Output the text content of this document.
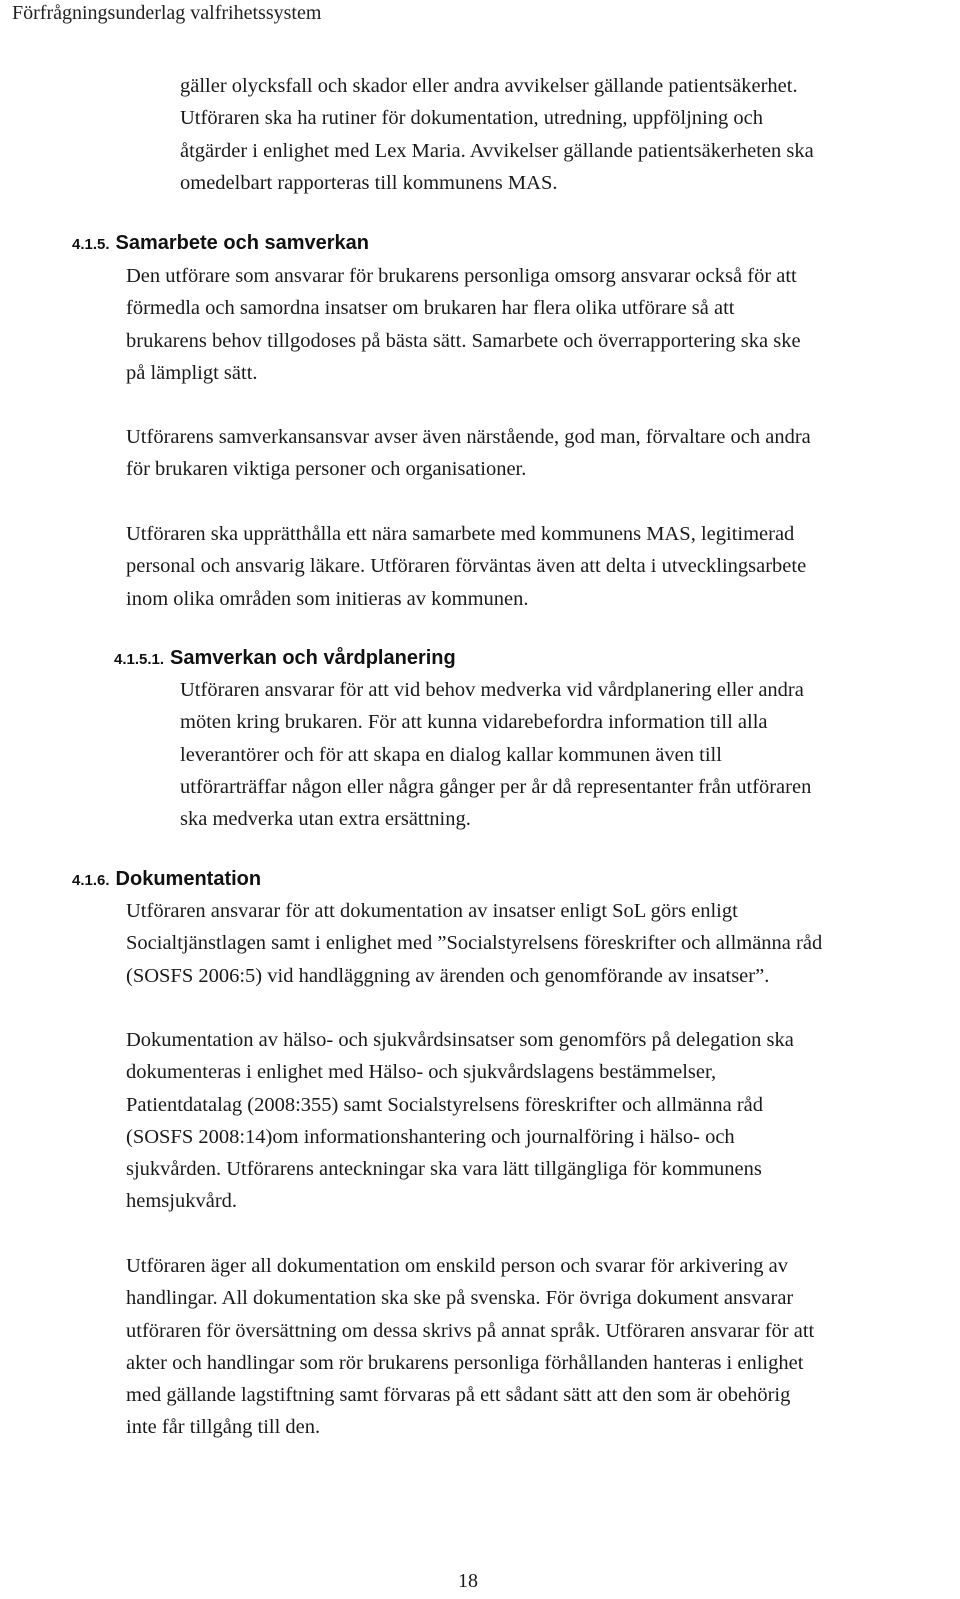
Förfrågningsunderlag valfrihetssystem

gäller olycksfall och skador eller andra avvikelser gällande patientsäkerhet.

Utföraren ska ha rutiner för dokumentation, utredning, uppföljning och

åtgärder i enlighet med Lex Maria. Avvikelser gällande patientsäkerheten ska

omedelbart rapporteras till kommunens MAS.

4.1.5. Samarbete och samverkan

Den utförare som ansvarar för brukarens personliga omsorg ansvarar också för att

förmedla och samordna insatser om brukaren har flera olika utförare så att

brukarens behov tillgodoses på bästa sätt. Samarbete och överrapportering ska ske

på lämpligt sätt.

Utförarens samverkansansvar avser även närstående, god man, förvaltare och andra

för brukaren viktiga personer och organisationer.

Utföraren ska upprätthålla ett nära samarbete med kommunens MAS, legitimerad

personal och ansvarig läkare. Utföraren förväntas även att delta i utvecklingsarbete

inom olika områden som initieras av kommunen.

4.1.5.1. Samverkan och vårdplanering

Utföraren ansvarar för att vid behov medverka vid vårdplanering eller andra

möten kring brukaren. För att kunna vidarebefordra information till alla

leverantörer och för att skapa en dialog kallar kommunen även till

utförarträffar någon eller några gånger per år då representanter från utföraren

ska medverka utan extra ersättning.

4.1.6. Dokumentation

Utföraren ansvarar för att dokumentation av insatser enligt SoL görs enligt

Socialtjänstlagen samt i enlighet med ”Socialstyrelsens föreskrifter och allmänna råd

(SOSFS 2006:5) vid handläggning av ärenden och genomförande av insatser”.

Dokumentation av hälso- och sjukvårdsinsatser som genomförs på delegation ska

dokumenteras i enlighet med Hälso- och sjukvårdslagens bestämmelser,

Patientdatalag (2008:355) samt Socialstyrelsens föreskrifter och allmänna råd

(SOSFS 2008:14)om informationshantering och journalföring i hälso- och

sjukvården. Utförarens anteckningar ska vara lätt tillgängliga för kommunens

hemsjukvård.

Utföraren äger all dokumentation om enskild person och svarar för arkivering av

handlingar. All dokumentation ska ske på svenska. För övriga dokument ansvarar

utföraren för översättning om dessa skrivs på annat språk. Utföraren ansvarar för att

akter och handlingar som rör brukarens personliga förhållanden hanteras i enlighet

med gällande lagstiftning samt förvaras på ett sådant sätt att den som är obehörig

inte får tillgång till den.

18
